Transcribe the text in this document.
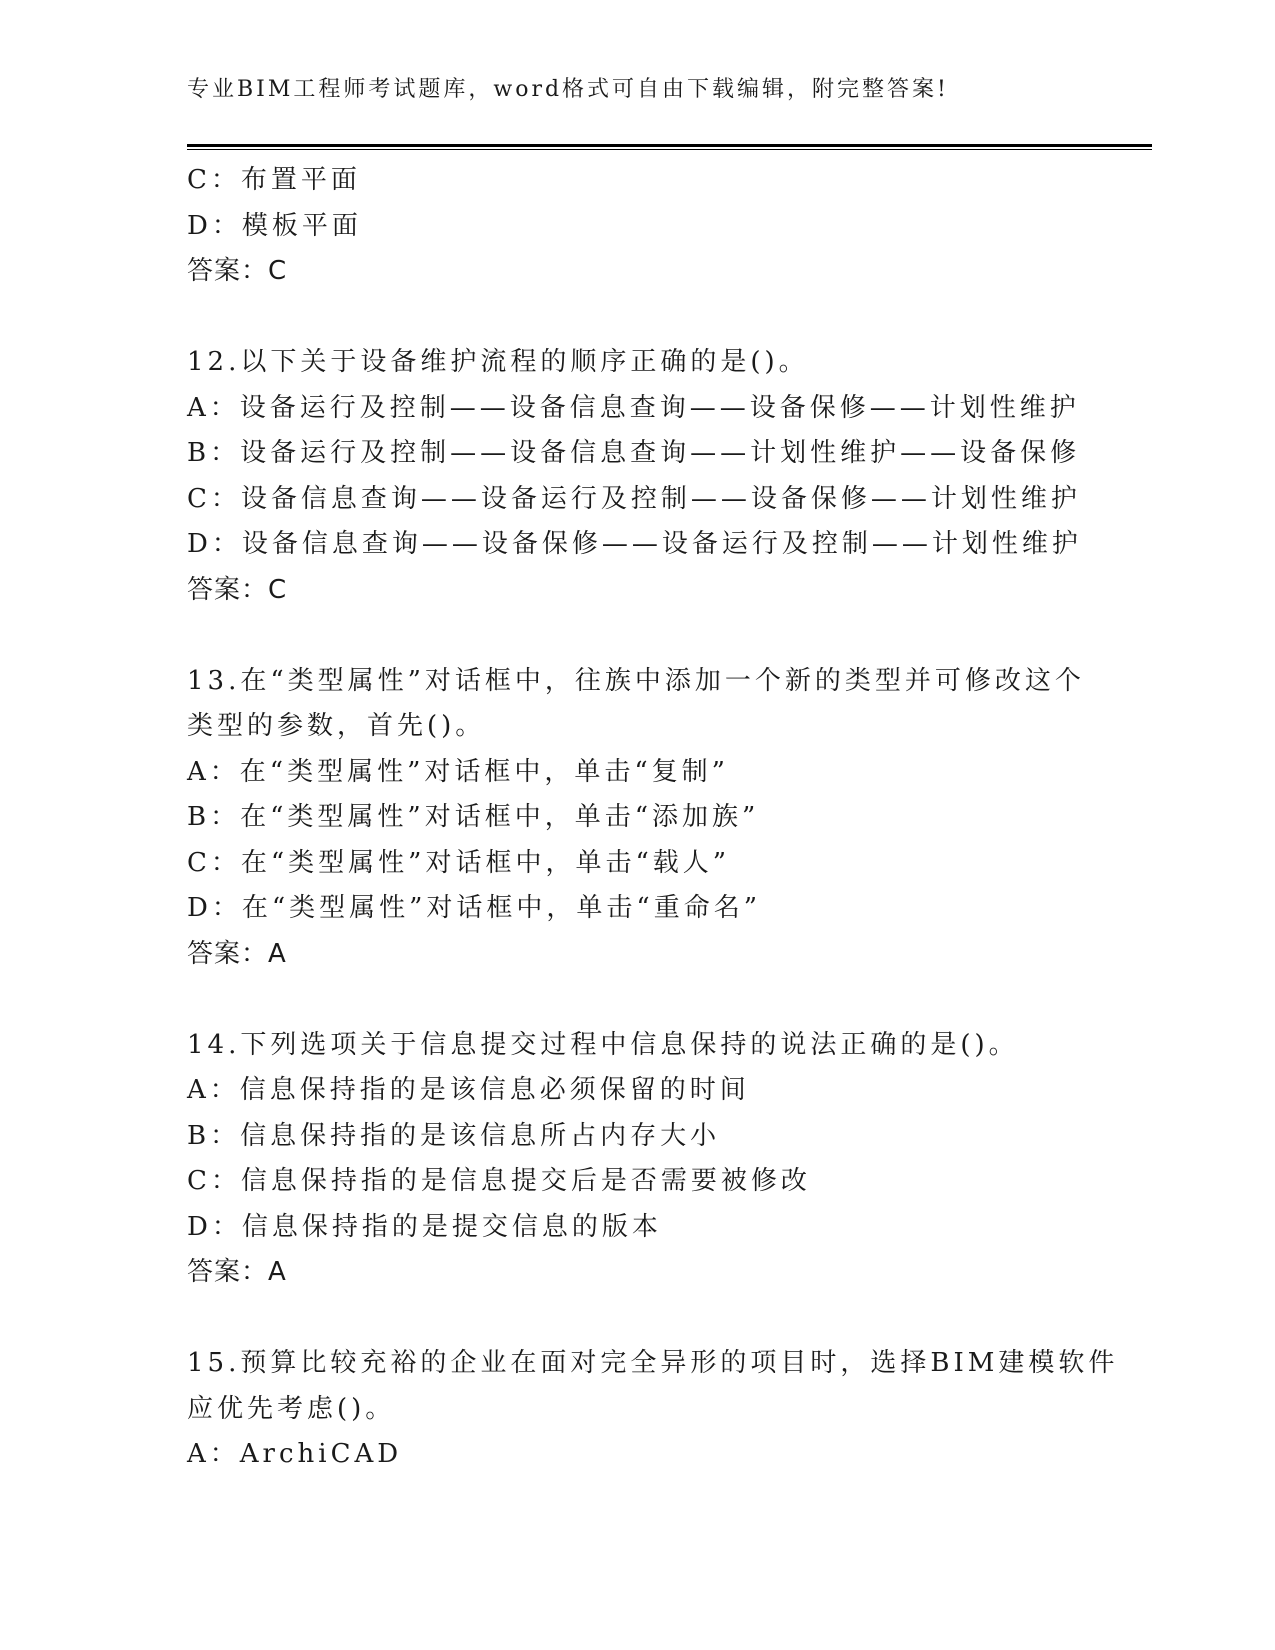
专业BIM工程师考试题库，word格式可自由下载编辑，附完整答案!
C：布置平面
D：模板平面
答案：C
12.以下关于设备维护流程的顺序正确的是()。
A：设备运行及控制——设备信息查询——设备保修——计划性维护
B：设备运行及控制——设备信息查询——计划性维护——设备保修
C：设备信息查询——设备运行及控制——设备保修——计划性维护
D：设备信息查询——设备保修——设备运行及控制——计划性维护
答案：C
13.在“类型属性”对话框中，往族中添加一个新的类型并可修改这个
类型的参数，首先()。
A：在“类型属性”对话框中，单击“复制”
B：在“类型属性”对话框中，单击“添加族”
C：在“类型属性”对话框中，单击“载人”
D：在“类型属性”对话框中，单击“重命名”
答案：A
14.下列选项关于信息提交过程中信息保持的说法正确的是()。
A：信息保持指的是该信息必须保留的时间
B：信息保持指的是该信息所占内存大小
C：信息保持指的是信息提交后是否需要被修改
D：信息保持指的是提交信息的版本
答案：A
15.预算比较充裕的企业在面对完全异形的项目时，选择BIM建模软件
应优先考虑()。
A：ArchiCAD
